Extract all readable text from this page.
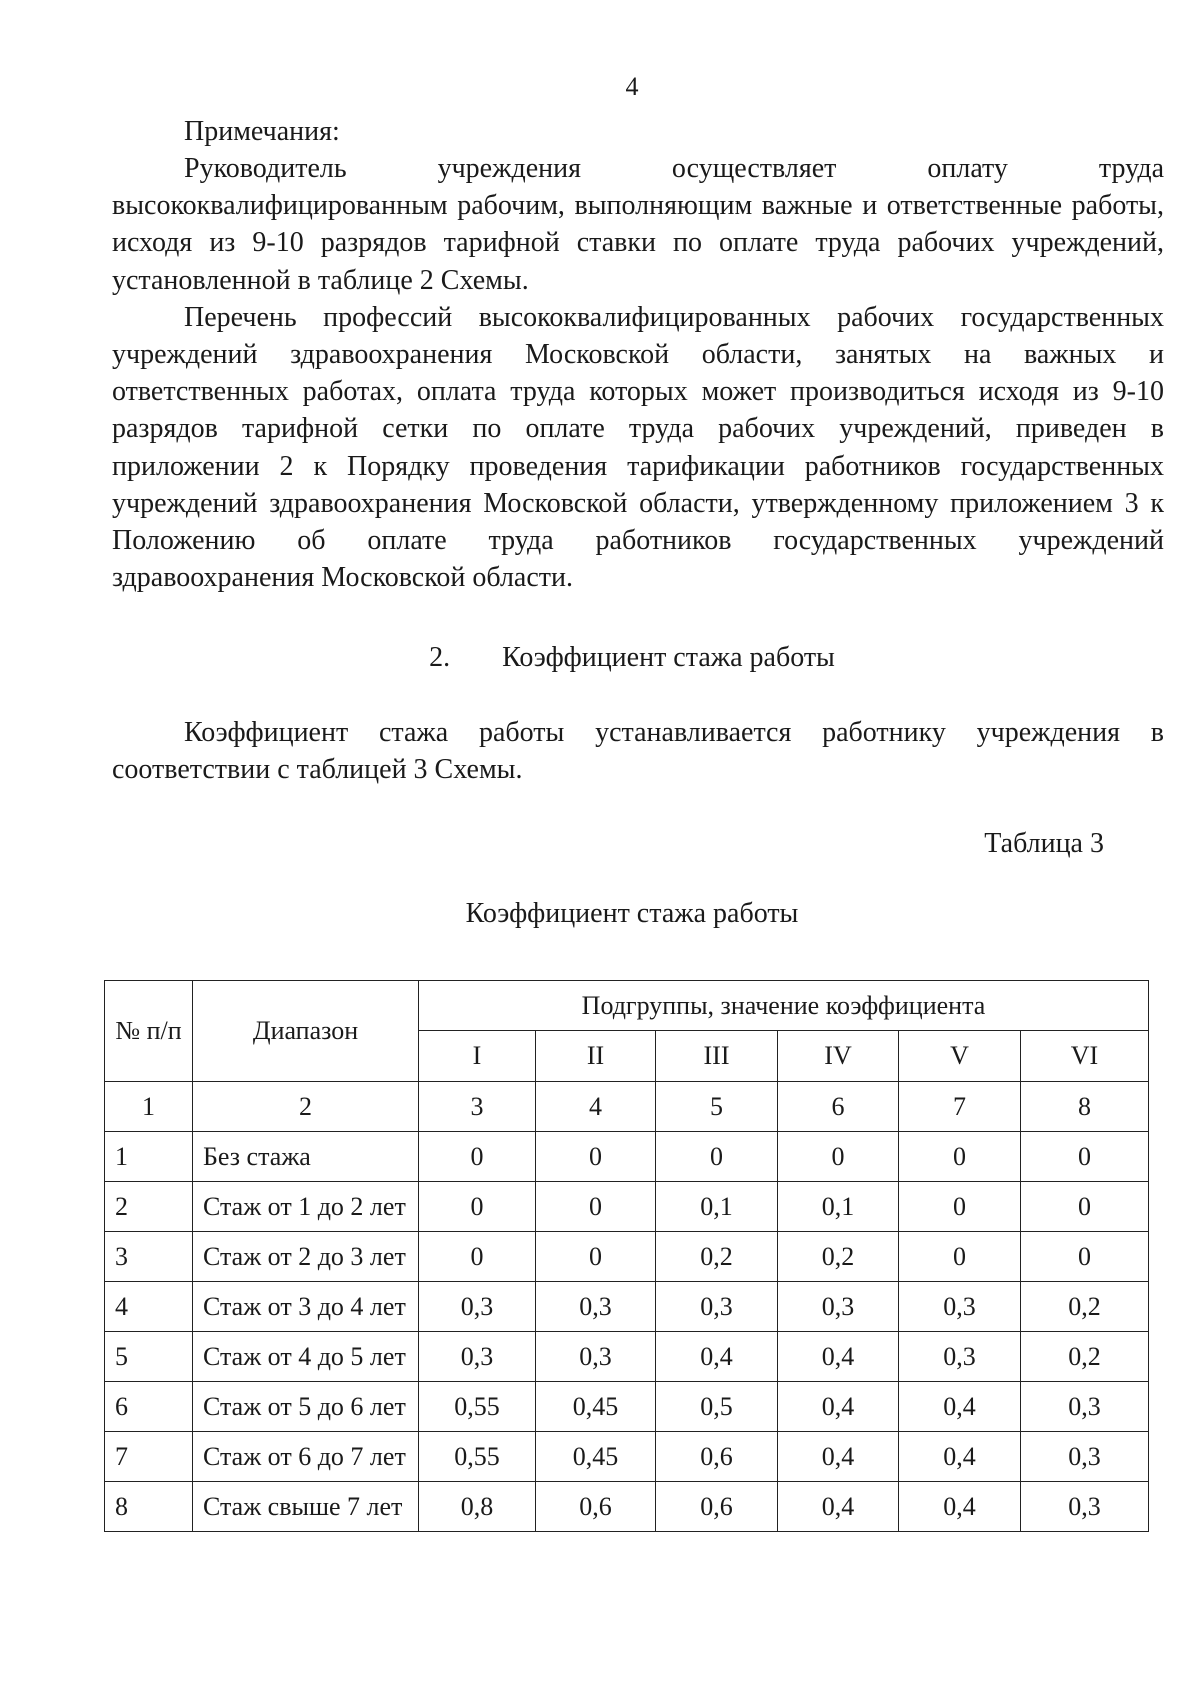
4

Примечания:

Руководитель учреждения осуществляет оплату труда высококвалифицированным рабочим, выполняющим важные и ответственные работы, исходя из 9-10 разрядов тарифной ставки по оплате труда рабочих учреждений, установленной в таблице 2 Схемы.

Перечень профессий высококвалифицированных рабочих государственных учреждений здравоохранения Московской области, занятых на важных и ответственных работах, оплата труда которых может производиться исходя из 9-10 разрядов тарифной сетки по оплате труда рабочих учреждений, приведен в приложении 2 к Порядку проведения тарификации работников государственных учреждений здравоохранения Московской области, утвержденному приложением 3 к Положению об оплате труда работников государственных учреждений здравоохранения Московской области.

2. Коэффициент стажа работы

Коэффициент стажа работы устанавливается работнику учреждения в соответствии с таблицей 3 Схемы.

Таблица 3
Коэффициент стажа работы
№ п/п	Диапазон	Подгруппы, значение коэффициента					
		I	II	III	IV	V	VI
1	2	3	4	5	6	7	8
1	Без стажа	0	0	0	0	0	0
2	Стаж от 1 до 2 лет	0	0	0,1	0,1	0	0
3	Стаж от 2 до 3 лет	0	0	0,2	0,2	0	0
4	Стаж от 3 до 4 лет	0,3	0,3	0,3	0,3	0,3	0,2
5	Стаж от 4 до 5 лет	0,3	0,3	0,4	0,4	0,3	0,2
6	Стаж от 5 до 6 лет	0,55	0,45	0,5	0,4	0,4	0,3
7	Стаж от 6 до 7 лет	0,55	0,45	0,6	0,4	0,4	0,3
8	Стаж свыше 7 лет	0,8	0,6	0,6	0,4	0,4	0,3
